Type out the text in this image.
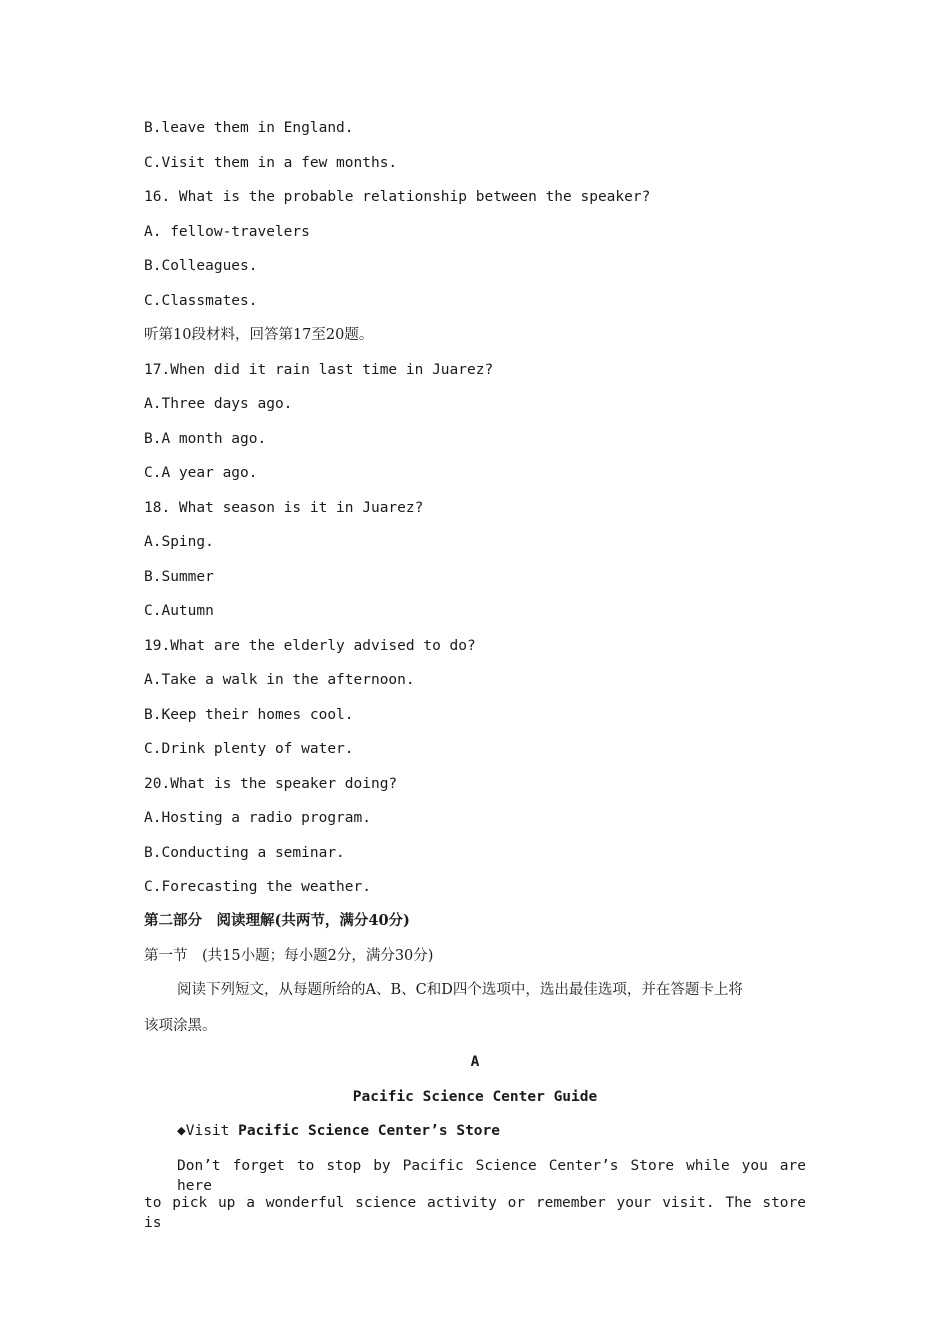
B.leave them in England.
C.Visit them in a few months.
16. What is the probable relationship between the speaker?
A. fellow-travelers
B.Colleagues.
C.Classmates.
听第10段材料，回答第17至20题。
17.When did it rain last time in Juarez?
A.Three days ago.
B.A month ago.
C.A year ago.
18. What season is it in Juarez?
A.Sping.
B.Summer
C.Autumn
19.What are the elderly advised to do?
A.Take a walk in the afternoon.
B.Keep their homes cool.
C.Drink plenty of water.
20.What is the speaker doing?
A.Hosting a radio program.
B.Conducting a seminar.
C.Forecasting the weather.
第二部分　阅读理解(共两节，满分40分)
第一节　(共15小题；每小题2分，满分30分)
阅读下列短文，从每题所给的A、B、C和D四个选项中，选出最佳选项，并在答题卡上将
该项涂黑。
A
Pacific Science Center Guide
◆Visit Pacific Science Center’s Store
Don’t forget to stop by Pacific Science Center’s Store while you are here
to pick up a wonderful science activity or remember your visit. The store is
